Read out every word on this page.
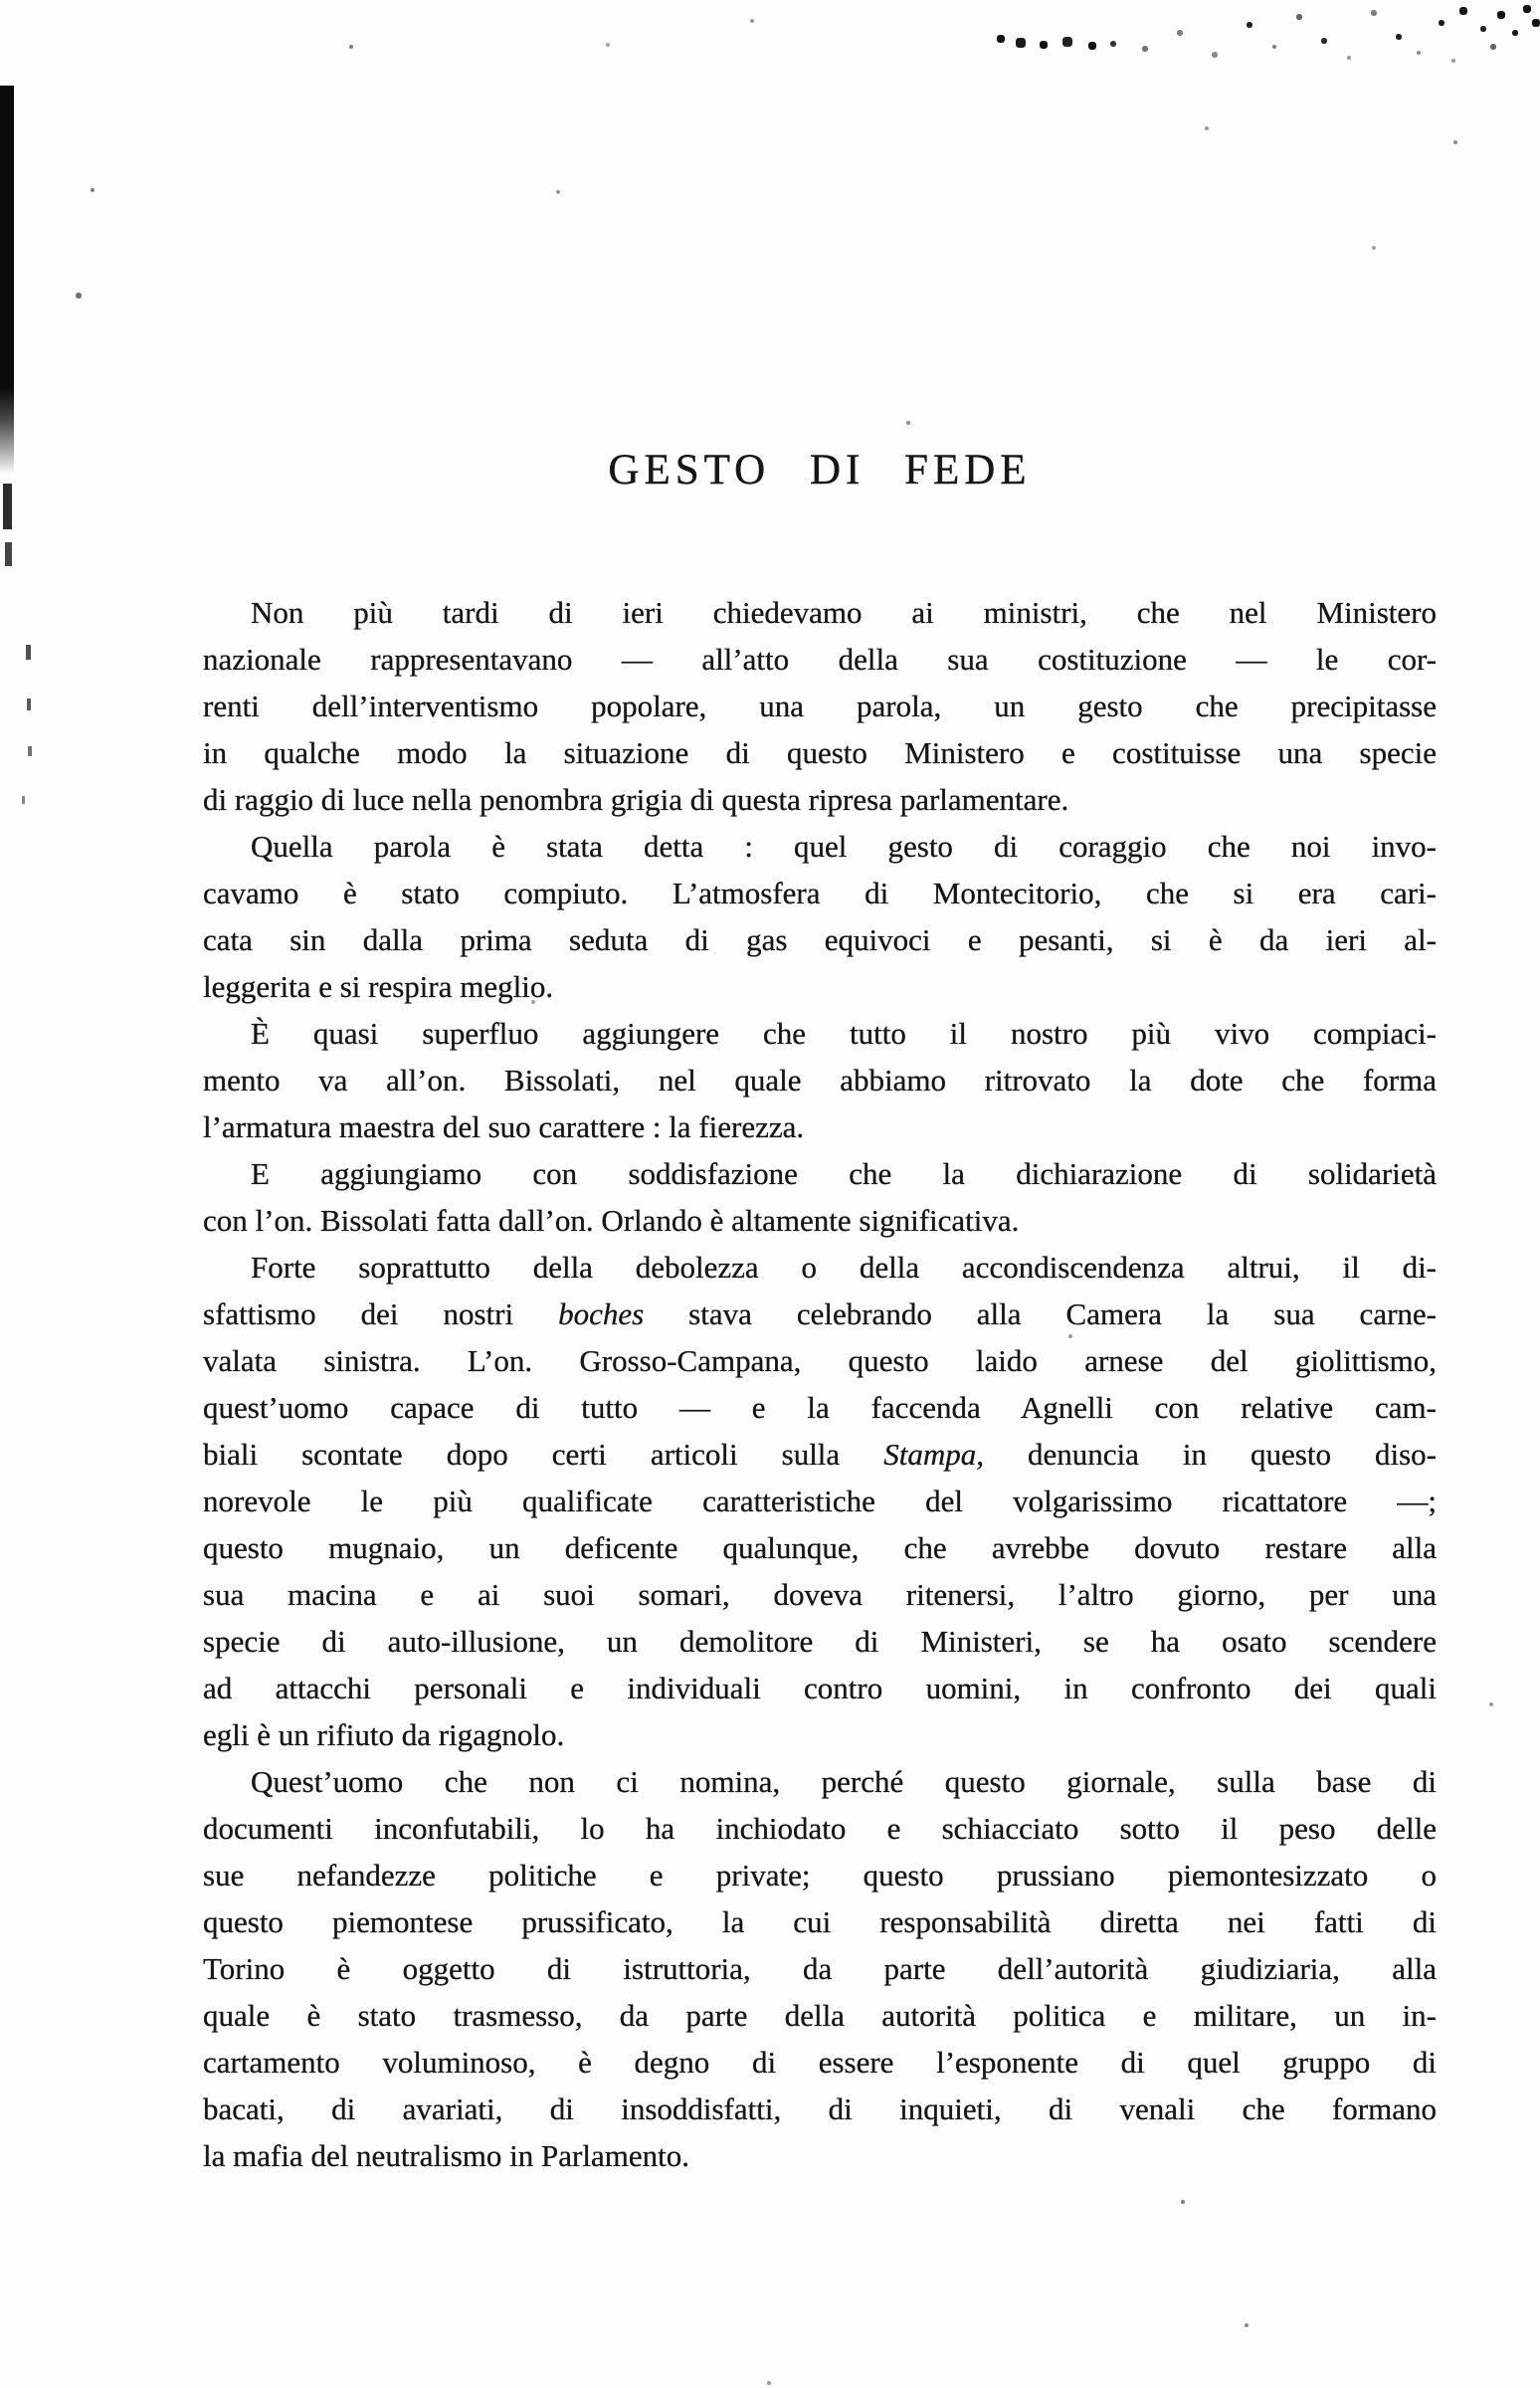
GESTO DI FEDE
Non più tardi di ieri chiedevamo ai ministri, che nel Ministero
nazionale rappresentavano — all’atto della sua costituzione — le cor-
renti dell’interventismo popolare, una parola, un gesto che precipitasse
in qualche modo la situazione di questo Ministero e costituisse una specie
di raggio di luce nella penombra grigia di questa ripresa parlamentare.
Quella parola è stata detta : quel gesto di coraggio che noi invo-
cavamo è stato compiuto. L’atmosfera di Montecitorio, che si era cari-
cata sin dalla prima seduta di gas equivoci e pesanti, si è da ieri al-
leggerita e si respira meglio.
È quasi superfluo aggiungere che tutto il nostro più vivo compiaci-
mento va all’on. Bissolati, nel quale abbiamo ritrovato la dote che forma
l’armatura maestra del suo carattere : la fierezza.
E aggiungiamo con soddisfazione che la dichiarazione di solidarietà
con l’on. Bissolati fatta dall’on. Orlando è altamente significativa.
Forte soprattutto della debolezza o della accondiscendenza altrui, il di-
sfattismo dei nostri boches stava celebrando alla Camera la sua carne-
valata sinistra. L’on. Grosso-Campana, questo laido arnese del giolittismo,
quest’uomo capace di tutto — e la faccenda Agnelli con relative cam-
biali scontate dopo certi articoli sulla Stampa, denuncia in questo diso-
norevole le più qualificate caratteristiche del volgarissimo ricattatore —;
questo mugnaio, un deficente qualunque, che avrebbe dovuto restare alla
sua macina e ai suoi somari, doveva ritenersi, l’altro giorno, per una
specie di auto-illusione, un demolitore di Ministeri, se ha osato scendere
ad attacchi personali e individuali contro uomini, in confronto dei quali
egli è un rifiuto da rigagnolo.
Quest’uomo che non ci nomina, perché questo giornale, sulla base di
documenti inconfutabili, lo ha inchiodato e schiacciato sotto il peso delle
sue nefandezze politiche e private; questo prussiano piemontesizzato o
questo piemontese prussificato, la cui responsabilità diretta nei fatti di
Torino è oggetto di istruttoria, da parte dell’autorità giudiziaria, alla
quale è stato trasmesso, da parte della autorità politica e militare, un in-
cartamento voluminoso, è degno di essere l’esponente di quel gruppo di
bacati, di avariati, di insoddisfatti, di inquieti, di venali che formano
la mafia del neutralismo in Parlamento.
